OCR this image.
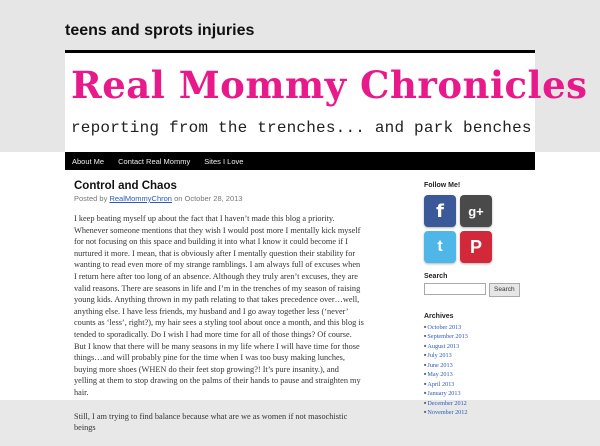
teens and sprots injuries
Real Mommy Chronicles
reporting from the trenches... and park benches
About Me	Contact Real Mommy	Sites I Love
Control and Chaos
Posted by RealMommyChron on October 28, 2013

I keep beating myself up about the fact that I haven’t made this blog a priority. Whenever someone mentions that they wish I would post more I mentally kick myself for not focusing on this space and building it into what I know it could become if I nurtured it more. I mean, that is obviously after I mentally question their stability for wanting to read even more of my strange ramblings. I am always full of excuses when I return here after too long of an absence. Although they truly aren’t excuses, they are valid reasons. There are seasons in life and I’m in the trenches of my season of raising young kids. Anything thrown in my path relating to that takes precedence over…well, anything else. I have less friends, my husband and I go away together less (‘never’ counts as ‘less’, right?), my hair sees a styling tool about once a month, and this blog is tended to sporadically. Do I wish I had more time for all of those things? Of course. But I know that there will be many seasons in my life where I will have time for those things…and will probably pine for the time when I was too busy making lunches, buying more shoes (WHEN do their feet stop growing?! It’s pure insanity.), and yelling at them to stop drawing on the palms of their hands to pause and straighten my hair.

Still, I am trying to find balance because what are we as women if not masochistic beings

Follow Me!
f	g+
t	P
Search
Search
Archives
■ October 2013
■ September 2013
■ August 2013
■ July 2013
■ June 2013
■ May 2013
■ April 2013
■ January 2013
■ December 2012
■ November 2012
